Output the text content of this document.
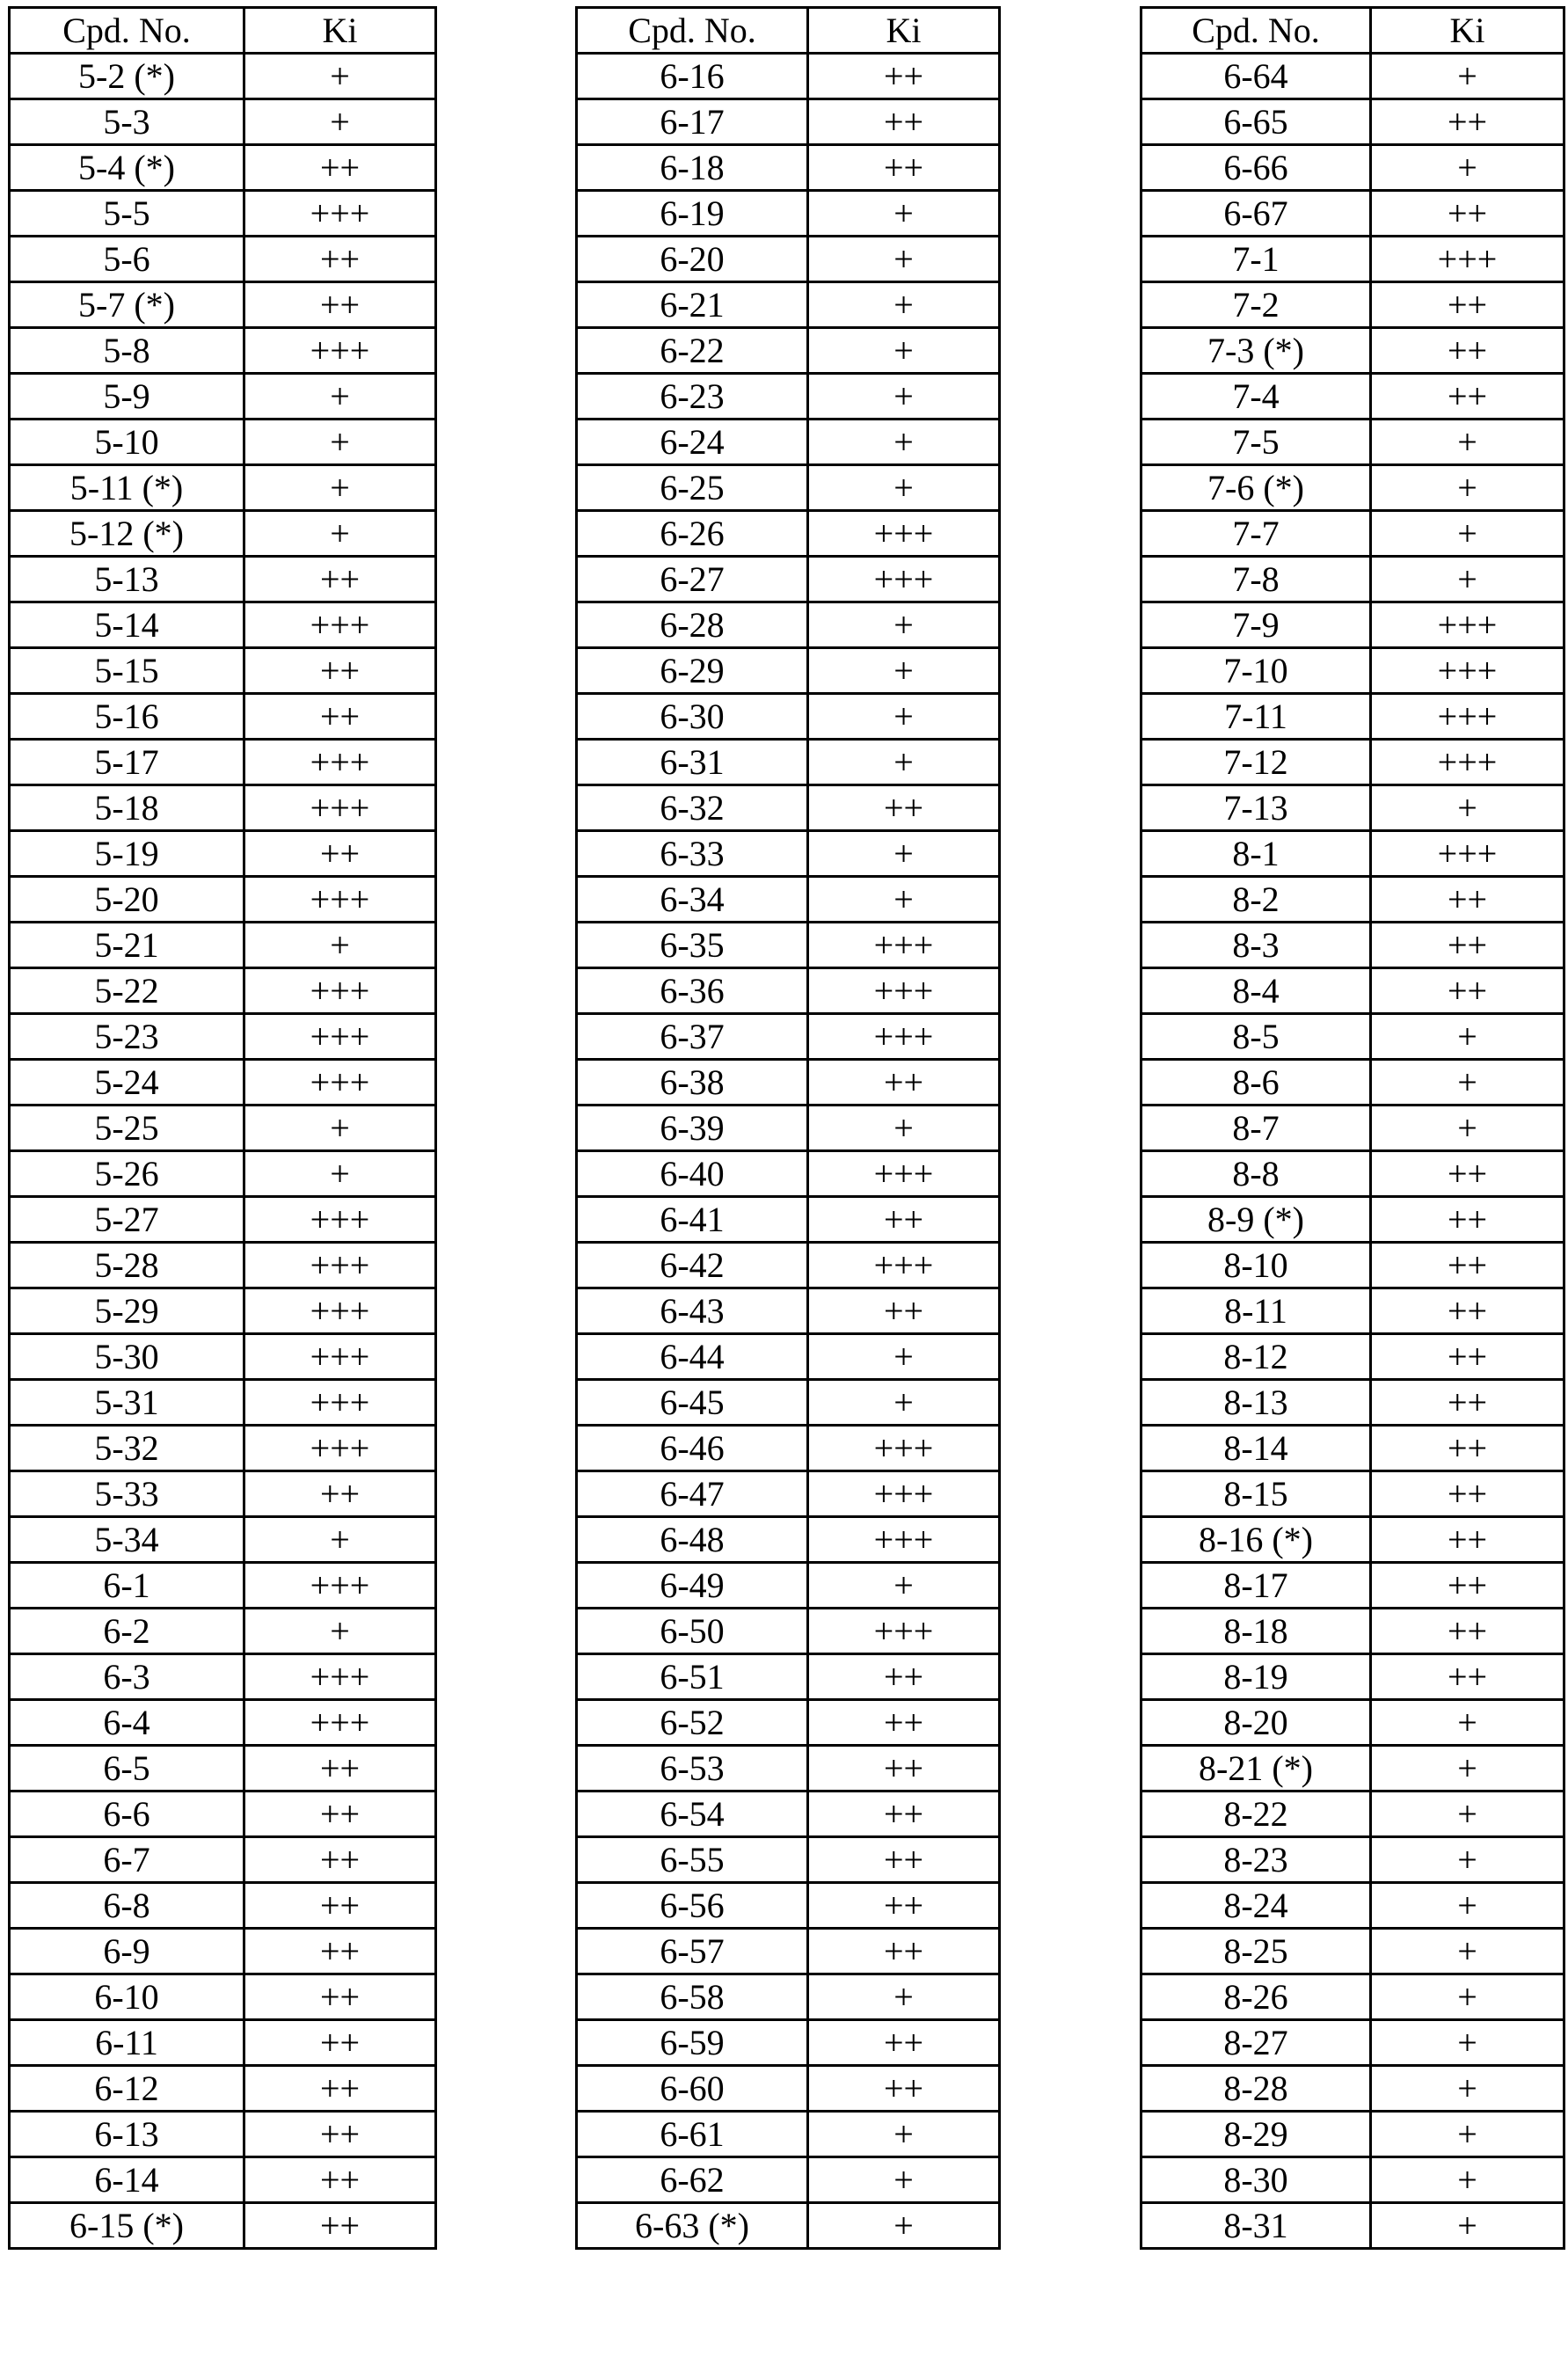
Cpd. No.	Ki
5-2 (*)	+
5-3	+
5-4 (*)	++
5-5	+++
5-6	++
5-7 (*)	++
5-8	+++
5-9	+
5-10	+
5-11 (*)	+
5-12 (*)	+
5-13	++
5-14	+++
5-15	++
5-16	++
5-17	+++
5-18	+++
5-19	++
5-20	+++
5-21	+
5-22	+++
5-23	+++
5-24	+++
5-25	+
5-26	+
5-27	+++
5-28	+++
5-29	+++
5-30	+++
5-31	+++
5-32	+++
5-33	++
5-34	+
6-1	+++
6-2	+
6-3	+++
6-4	+++
6-5	++
6-6	++
6-7	++
6-8	++
6-9	++
6-10	++
6-11	++
6-12	++
6-13	++
6-14	++
6-15 (*)	++
Cpd. No.	Ki
6-16	++
6-17	++
6-18	++
6-19	+
6-20	+
6-21	+
6-22	+
6-23	+
6-24	+
6-25	+
6-26	+++
6-27	+++
6-28	+
6-29	+
6-30	+
6-31	+
6-32	++
6-33	+
6-34	+
6-35	+++
6-36	+++
6-37	+++
6-38	++
6-39	+
6-40	+++
6-41	++
6-42	+++
6-43	++
6-44	+
6-45	+
6-46	+++
6-47	+++
6-48	+++
6-49	+
6-50	+++
6-51	++
6-52	++
6-53	++
6-54	++
6-55	++
6-56	++
6-57	++
6-58	+
6-59	++
6-60	++
6-61	+
6-62	+
6-63 (*)	+
Cpd. No.	Ki
6-64	+
6-65	++
6-66	+
6-67	++
7-1	+++
7-2	++
7-3 (*)	++
7-4	++
7-5	+
7-6 (*)	+
7-7	+
7-8	+
7-9	+++
7-10	+++
7-11	+++
7-12	+++
7-13	+
8-1	+++
8-2	++
8-3	++
8-4	++
8-5	+
8-6	+
8-7	+
8-8	++
8-9 (*)	++
8-10	++
8-11	++
8-12	++
8-13	++
8-14	++
8-15	++
8-16 (*)	++
8-17	++
8-18	++
8-19	++
8-20	+
8-21 (*)	+
8-22	+
8-23	+
8-24	+
8-25	+
8-26	+
8-27	+
8-28	+
8-29	+
8-30	+
8-31	+
